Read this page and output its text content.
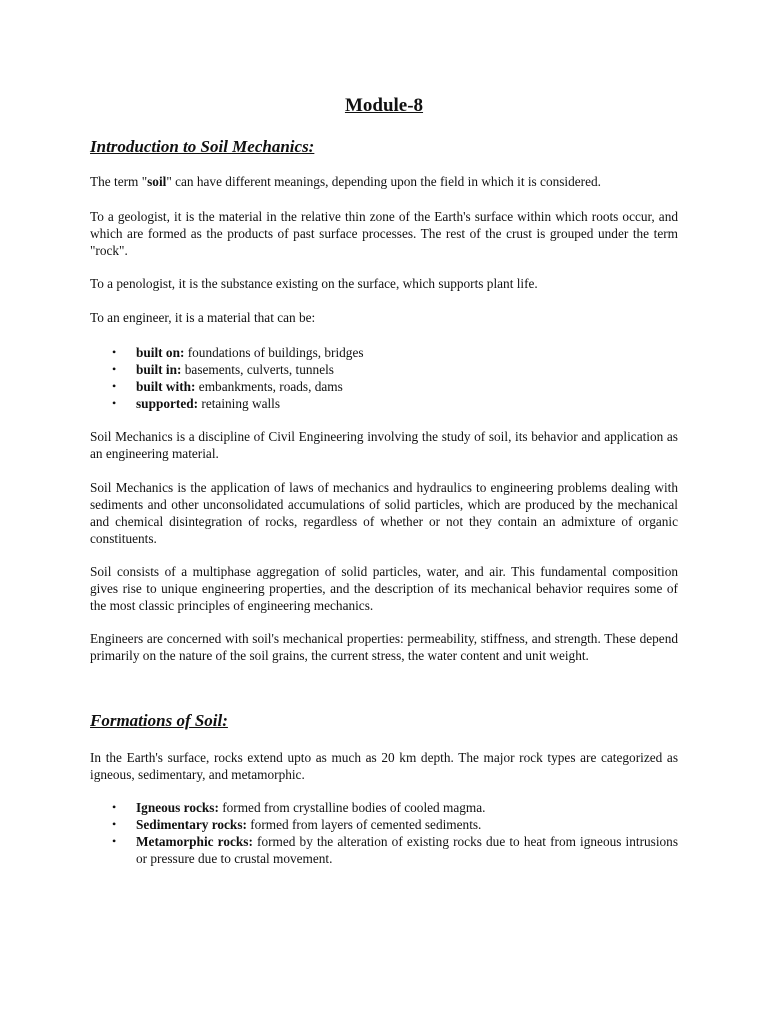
Module-8
Introduction to Soil Mechanics:

The term "soil" can have different meanings, depending upon the field in which it is considered.

To a geologist, it is the material in the relative thin zone of the Earth's surface within which roots occur, and which are formed as the products of past surface processes. The rest of the crust is grouped under the term "rock".

To a penologist, it is the substance existing on the surface, which supports plant life.

To an engineer, it is a material that can be:

• built on: foundations of buildings, bridges
• built in: basements, culverts, tunnels
• built with: embankments, roads, dams
• supported: retaining walls

Soil Mechanics is a discipline of Civil Engineering involving the study of soil, its behavior and application as an engineering material.

Soil Mechanics is the application of laws of mechanics and hydraulics to engineering problems dealing with sediments and other unconsolidated accumulations of solid particles, which are produced by the mechanical and chemical disintegration of rocks, regardless of whether or not they contain an admixture of organic constituents.

Soil consists of a multiphase aggregation of solid particles, water, and air. This fundamental composition gives rise to unique engineering properties, and the description of its mechanical behavior requires some of the most classic principles of engineering mechanics.

Engineers are concerned with soil's mechanical properties: permeability, stiffness, and strength. These depend primarily on the nature of the soil grains, the current stress, the water content and unit weight.

Formations of Soil:

In the Earth's surface, rocks extend upto as much as 20 km depth. The major rock types are categorized as igneous, sedimentary, and metamorphic.

• Igneous rocks: formed from crystalline bodies of cooled magma.
• Sedimentary rocks: formed from layers of cemented sediments.
• Metamorphic rocks: formed by the alteration of existing rocks due to heat from igneous intrusions or pressure due to crustal movement.
